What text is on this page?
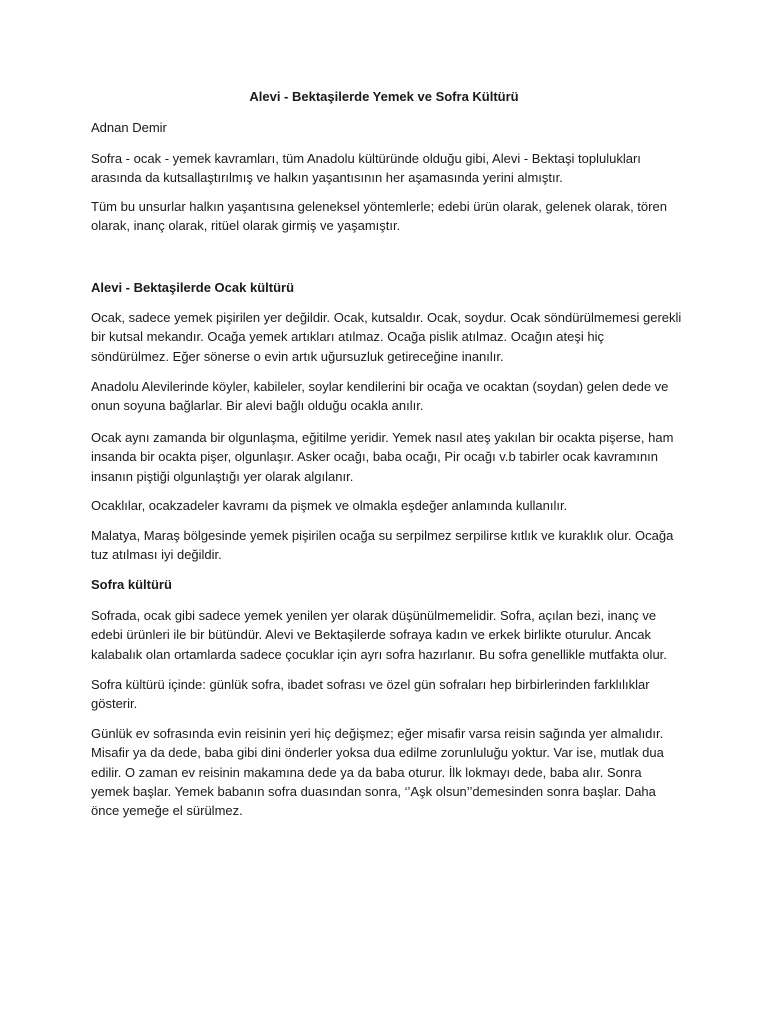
Alevi - Bektaşilerde Yemek ve Sofra Kültürü

Adnan Demir

Sofra - ocak - yemek kavramları, tüm Anadolu kültüründe olduğu gibi, Alevi - Bektaşi toplulukları arasında da kutsallaştırılmış ve halkın yaşantısının her aşamasında yerini almıştır.

Tüm bu unsurlar halkın yaşantısına geleneksel yöntemlerle; edebi ürün olarak, gelenek olarak, tören olarak, inanç olarak, ritüel olarak girmiş ve yaşamıştır.

Alevi - Bektaşilerde Ocak kültürü

Ocak, sadece yemek pişirilen yer değildir. Ocak, kutsaldır. Ocak, soydur. Ocak söndürülmemesi gerekli bir kutsal mekandır. Ocağa yemek artıkları atılmaz. Ocağa pislik atılmaz. Ocağın ateşi hiç söndürülmez. Eğer sönerse o evin artık uğursuzluk getireceğine inanılır.

Anadolu Alevilerinde köyler, kabileler, soylar kendilerini bir ocağa ve ocaktan (soydan) gelen dede ve onun soyuna bağlarlar. Bir alevi bağlı olduğu ocakla anılır.

Ocak aynı zamanda bir olgunlaşma, eğitilme yeridir. Yemek nasıl ateş yakılan bir ocakta pişerse, ham insanda bir ocakta pişer, olgunlaşır. Asker ocağı, baba ocağı, Pir ocağı v.b tabirler ocak kavramının insanın piştiği olgunlaştığı yer olarak algılanır.

Ocaklılar, ocakzadeler kavramı da pişmek ve olmakla eşdeğer anlamında kullanılır.

Malatya, Maraş bölgesinde yemek pişirilen ocağa su serpilmez serpilirse kıtlık ve kuraklık olur. Ocağa tuz atılması iyi değildir.

Sofra kültürü

Sofrada, ocak gibi sadece yemek yenilen yer olarak düşünülmemelidir. Sofra, açılan bezi, inanç ve edebi ürünleri ile bir bütündür. Alevi ve Bektaşilerde sofraya kadın ve erkek birlikte oturulur. Ancak kalabalık olan ortamlarda sadece çocuklar için ayrı sofra hazırlanır. Bu sofra genellikle mutfakta olur.

Sofra kültürü içinde: günlük sofra, ibadet sofrası ve özel gün sofraları hep birbirlerinden farklılıklar gösterir.

Günlük ev sofrasında evin reisinin yeri hiç değişmez; eğer misafir varsa reisin sağında yer almalıdır. Misafir ya da dede, baba gibi dini önderler yoksa dua edilme zorunluluğu yoktur. Var ise, mutlak dua edilir. O zaman ev reisinin makamına dede ya da baba oturur. İlk lokmayı dede, baba alır. Sonra yemek başlar. Yemek babanın sofra duasından sonra, ‘’Aşk olsun’’demesinden sonra başlar. Daha önce yemeğe el sürülmez.
